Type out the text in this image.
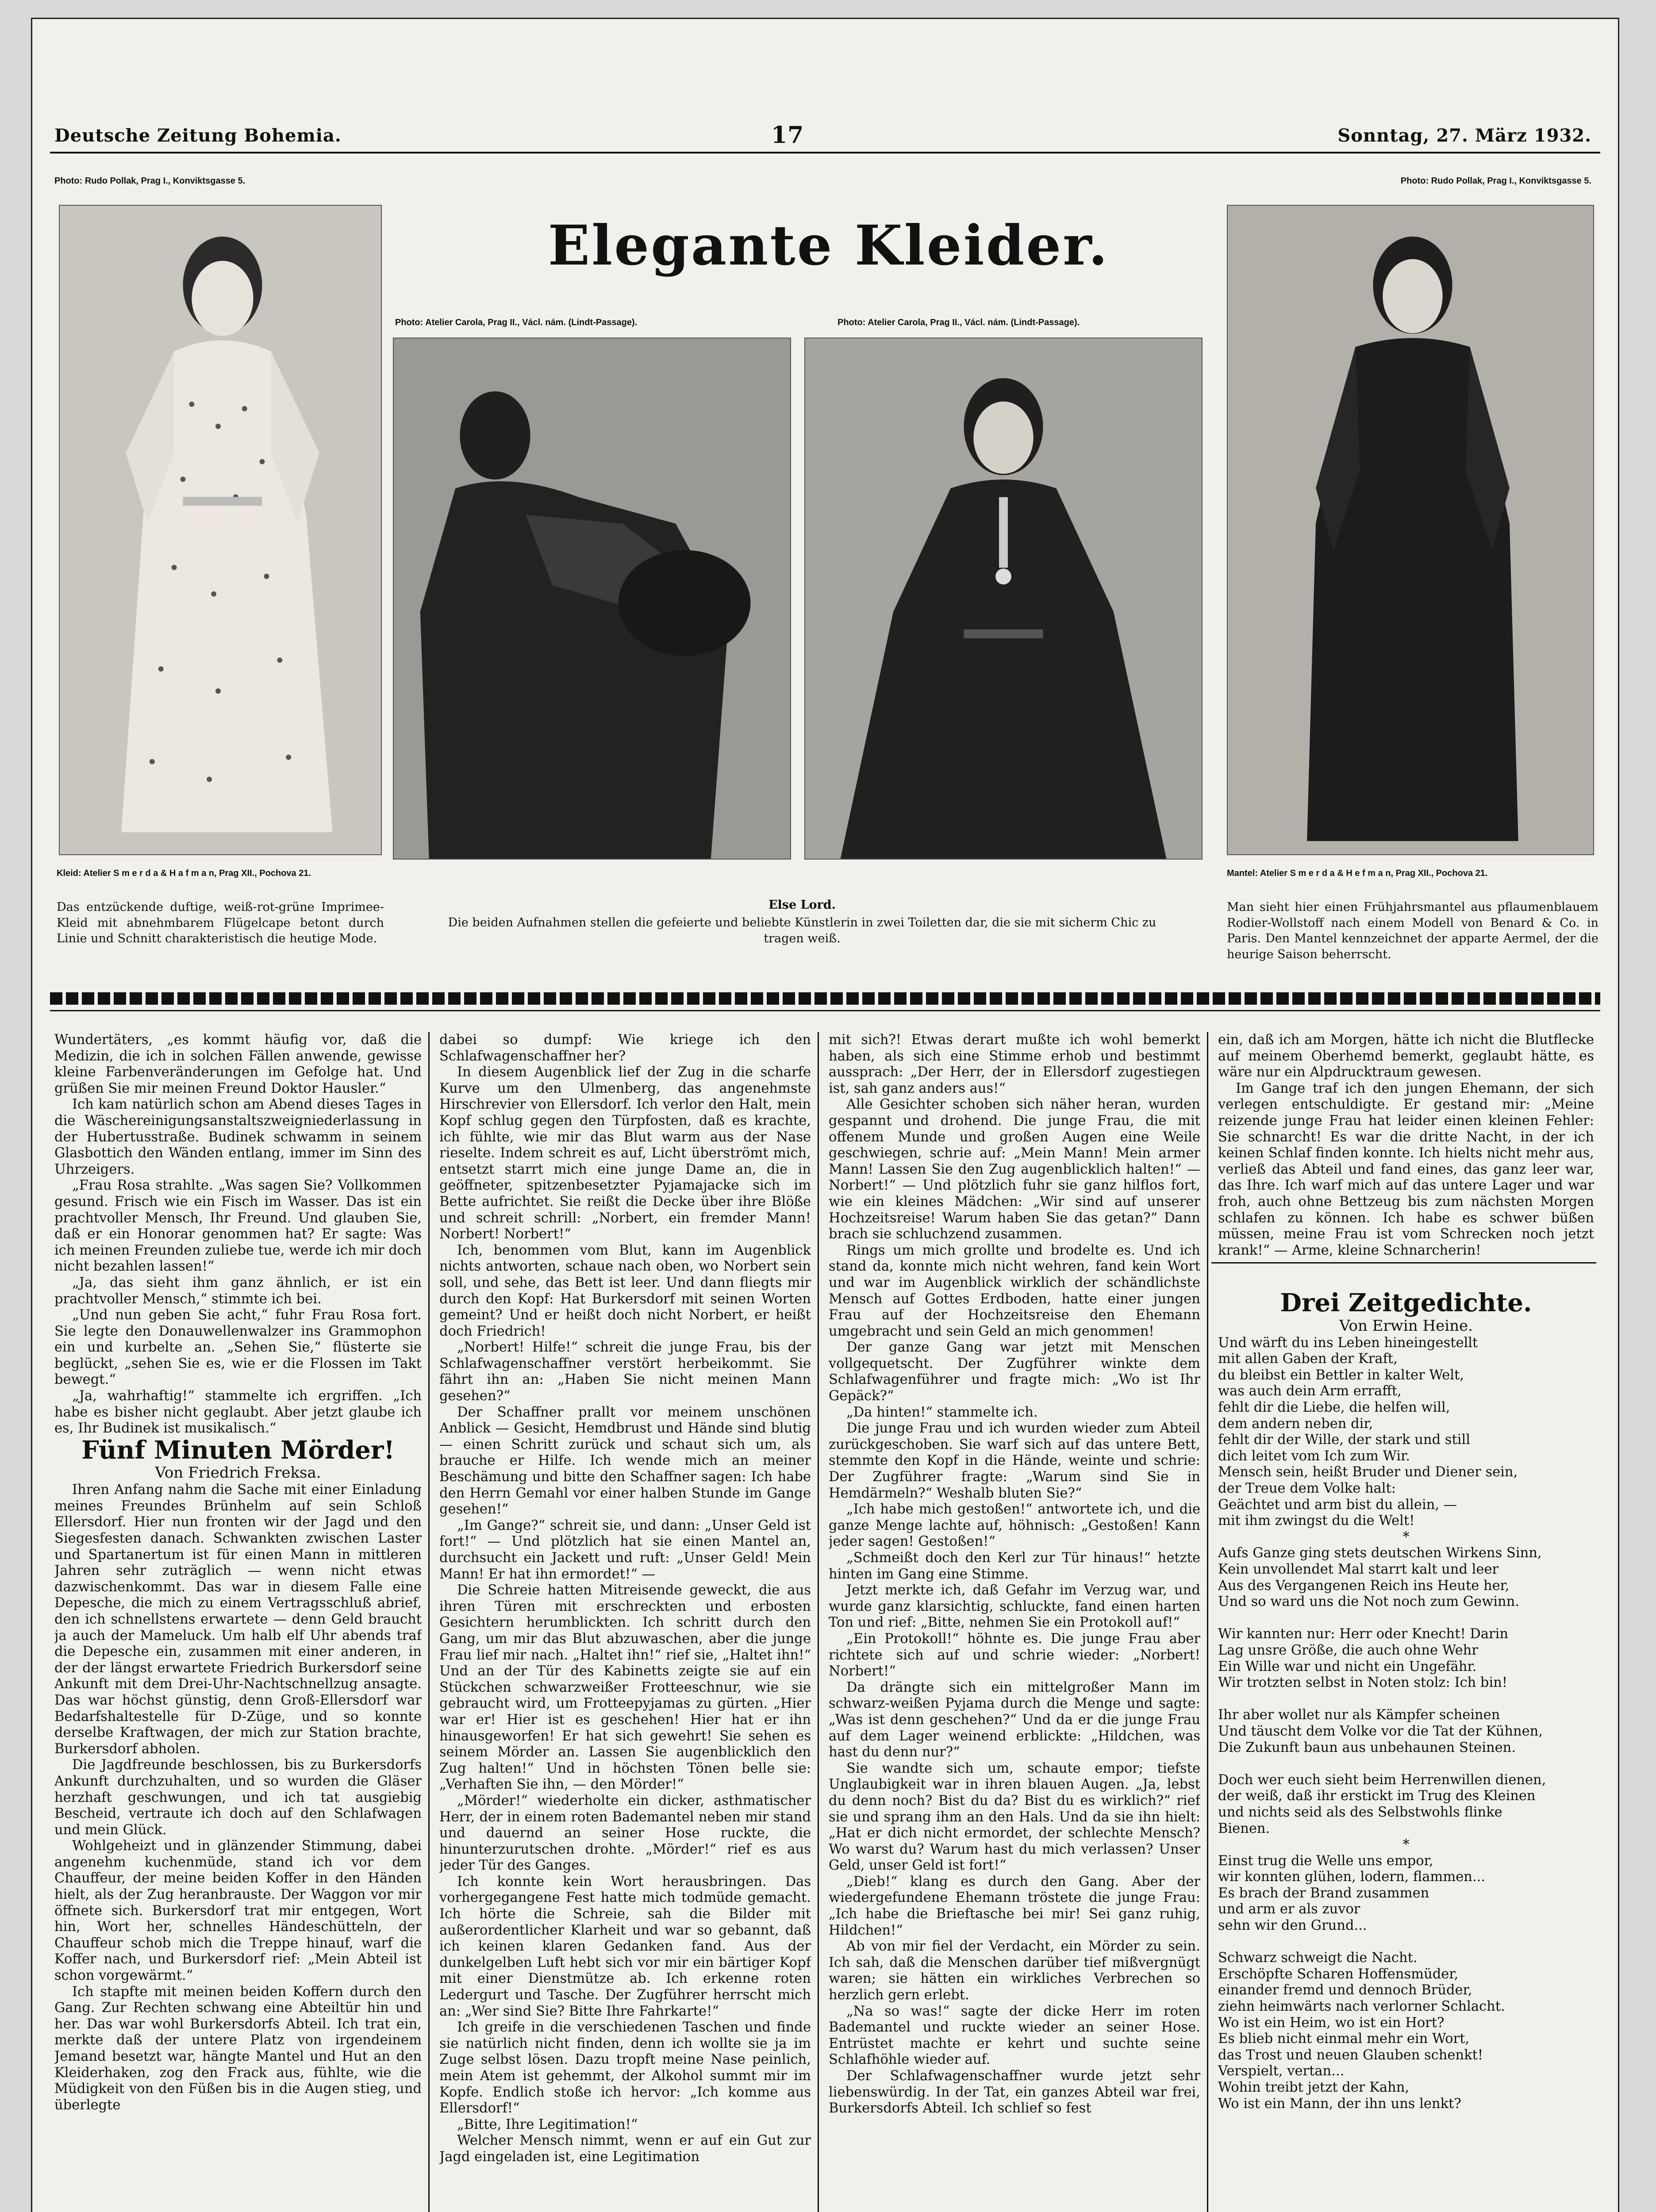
Deutsche Zeitung Bohemia.	17	Sonntag, 27. März 1932.
Photo: Rudo Pollak, Prag I., Konviktsgasse 5.	Photo: Rudo Pollak, Prag I., Konviktsgasse 5.
Elegante Kleider.
Photo: Atelier Carola, Prag II., Václ. nám. (Lindt-Passage).	Photo: Atelier Carola, Prag II., Václ. nám. (Lindt-Passage).
Kleid: Atelier S m e r d a & H a f m a n, Prag XII., Pochova 21.
Das entzückende duftige, weiß-rot-grüne Imprimee-Kleid mit abnehmbarem Flügelcape betont durch Linie und Schnitt charakteristisch die heutige Mode.
Else Lord.
Die beiden Aufnahmen stellen die gefeierte und beliebte Künstlerin in zwei Toiletten dar, die sie mit sicherm Chic zu tragen weiß.
Mantel: Atelier S m e r d a & H e f m a n, Prag XII., Pochova 21.
Man sieht hier einen Frühjahrsmantel aus pflaumenblauem Rodier-Wollstoff nach einem Modell von Benard & Co. in Paris. Den Mantel kennzeichnet der apparte Aermel, der die heurige Saison beherrscht.

Wundertäters, „es kommt häufig vor, daß die Medizin, die ich in solchen Fällen anwende, gewisse kleine Farbenveränderungen im Gefolge hat. Und grüßen Sie mir meinen Freund Doktor Hausler.“

Ich kam natürlich schon am Abend dieses Tages in die Wäschereinigungsanstaltszweigniederlassung in der Hubertusstraße. Budinek schwamm in seinem Glasbottich den Wänden entlang, immer im Sinn des Uhrzeigers.

„Frau Rosa strahlte. „Was sagen Sie? Vollkommen gesund. Frisch wie ein Fisch im Wasser. Das ist ein prachtvoller Mensch, Ihr Freund. Und glauben Sie, daß er ein Honorar genommen hat? Er sagte: Was ich meinen Freunden zuliebe tue, werde ich mir doch nicht bezahlen lassen!“

„Ja, das sieht ihm ganz ähnlich, er ist ein prachtvoller Mensch,“ stimmte ich bei.

„Und nun geben Sie acht,“ fuhr Frau Rosa fort. Sie legte den Donauwellenwalzer ins Grammophon ein und kurbelte an. „Sehen Sie,“ flüsterte sie beglückt, „sehen Sie es, wie er die Flossen im Takt bewegt.“

„Ja, wahrhaftig!“ stammelte ich ergriffen. „Ich habe es bisher nicht geglaubt. Aber jetzt glaube ich es, Ihr Budinek ist musikalisch.“

Fünf Minuten Mörder!

Von Friedrich Freksa.

Ihren Anfang nahm die Sache mit einer Einladung meines Freundes Brünhelm auf sein Schloß Ellersdorf. Hier nun fronten wir der Jagd und den Siegesfesten danach. Schwankten zwischen Laster und Spartanertum ist für einen Mann in mittleren Jahren sehr zuträglich — wenn nicht etwas dazwischenkommt. Das war in diesem Falle eine Depesche, die mich zu einem Vertragsschluß abrief, den ich schnellstens erwartete — denn Geld braucht ja auch der Mameluck. Um halb elf Uhr abends traf die Depesche ein, zusammen mit einer anderen, in der der längst erwartete Friedrich Burkersdorf seine Ankunft mit dem Drei-Uhr-Nachtschnellzug ansagte. Das war höchst günstig, denn Groß-Ellersdorf war Bedarfshaltestelle für D-Züge, und so konnte derselbe Kraftwagen, der mich zur Station brachte, Burkersdorf abholen.

Die Jagdfreunde beschlossen, bis zu Burkersdorfs Ankunft durchzuhalten, und so wurden die Gläser herzhaft geschwungen, und ich tat ausgiebig Bescheid, vertraute ich doch auf den Schlafwagen und mein Glück.

Wohlgeheizt und in glänzender Stimmung, dabei angenehm kuchenmüde, stand ich vor dem Chauffeur, der meine beiden Koffer in den Händen hielt, als der Zug heranbrauste. Der Waggon vor mir öffnete sich. Burkersdorf trat mir entgegen, Wort hin, Wort her, schnelles Händeschütteln, der Chauffeur schob mich die Treppe hinauf, warf die Koffer nach, und Burkersdorf rief: „Mein Abteil ist schon vorgewärmt.“

Ich stapfte mit meinen beiden Koffern durch den Gang. Zur Rechten schwang eine Abteiltür hin und her. Das war wohl Burkersdorfs Abteil. Ich trat ein, merkte daß der untere Platz von irgendeinem Jemand besetzt war, hängte Mantel und Hut an den Kleiderhaken, zog den Frack aus, fühlte, wie die Müdigkeit von den Füßen bis in die Augen stieg, und überlegte

dabei so dumpf: Wie kriege ich den Schlafwagenschaffner her?

In diesem Augenblick lief der Zug in die scharfe Kurve um den Ulmenberg, das angenehmste Hirschrevier von Ellersdorf. Ich verlor den Halt, mein Kopf schlug gegen den Türpfosten, daß es krachte, ich fühlte, wie mir das Blut warm aus der Nase rieselte. Indem schreit es auf, Licht überströmt mich, entsetzt starrt mich eine junge Dame an, die in geöffneter, spitzenbesetzter Pyjamajacke sich im Bette aufrichtet. Sie reißt die Decke über ihre Blöße und schreit schrill: „Norbert, ein fremder Mann! Norbert! Norbert!“

Ich, benommen vom Blut, kann im Augenblick nichts antworten, schaue nach oben, wo Norbert sein soll, und sehe, das Bett ist leer. Und dann fliegts mir durch den Kopf: Hat Burkersdorf mit seinen Worten gemeint? Und er heißt doch nicht Norbert, er heißt doch Friedrich!

„Norbert! Hilfe!“ schreit die junge Frau, bis der Schlafwagenschaffner verstört herbeikommt. Sie fährt ihn an: „Haben Sie nicht meinen Mann gesehen?“

Der Schaffner prallt vor meinem unschönen Anblick — Gesicht, Hemdbrust und Hände sind blutig — einen Schritt zurück und schaut sich um, als brauche er Hilfe. Ich wende mich an meiner Beschämung und bitte den Schaffner sagen: Ich habe den Herrn Gemahl vor einer halben Stunde im Gange gesehen!“

„Im Gange?“ schreit sie, und dann: „Unser Geld ist fort!“ — Und plötzlich hat sie einen Mantel an, durchsucht ein Jackett und ruft: „Unser Geld! Mein Mann! Er hat ihn ermordet!“ —

Die Schreie hatten Mitreisende geweckt, die aus ihren Türen mit erschreckten und erbosten Gesichtern herumblickten. Ich schritt durch den Gang, um mir das Blut abzuwaschen, aber die junge Frau lief mir nach. „Haltet ihn!“ rief sie, „Haltet ihn!“ Und an der Tür des Kabinetts zeigte sie auf ein Stückchen schwarzweißer Frotteeschnur, wie sie gebraucht wird, um Frotteepyjamas zu gürten. „Hier war er! Hier ist es geschehen! Hier hat er ihn hinausgeworfen! Er hat sich gewehrt! Sie sehen es seinem Mörder an. Lassen Sie augenblicklich den Zug halten!“ Und in höchsten Tönen belle sie: „Verhaften Sie ihn, — den Mörder!“

„Mörder!“ wiederholte ein dicker, asthmatischer Herr, der in einem roten Bademantel neben mir stand und dauernd an seiner Hose ruckte, die hinunterzurutschen drohte. „Mörder!“ rief es aus jeder Tür des Ganges.

Ich konnte kein Wort herausbringen. Das vorhergegangene Fest hatte mich todmüde gemacht. Ich hörte die Schreie, sah die Bilder mit außerordentlicher Klarheit und war so gebannt, daß ich keinen klaren Gedanken fand. Aus der dunkelgelben Luft hebt sich vor mir ein bärtiger Kopf mit einer Dienstmütze ab. Ich erkenne roten Ledergurt und Tasche. Der Zugführer herrscht mich an: „Wer sind Sie? Bitte Ihre Fahrkarte!“

Ich greife in die verschiedenen Taschen und finde sie natürlich nicht finden, denn ich wollte sie ja im Zuge selbst lösen. Dazu tropft meine Nase peinlich, mein Atem ist gehemmt, der Alkohol summt mir im Kopfe. Endlich stoße ich hervor: „Ich komme aus Ellersdorf!“

„Bitte, Ihre Legitimation!“

Welcher Mensch nimmt, wenn er auf ein Gut zur Jagd eingeladen ist, eine Legitimation

mit sich?! Etwas derart mußte ich wohl bemerkt haben, als sich eine Stimme erhob und bestimmt aussprach: „Der Herr, der in Ellersdorf zugestiegen ist, sah ganz anders aus!“

Alle Gesichter schoben sich näher heran, wurden gespannt und drohend. Die junge Frau, die mit offenem Munde und großen Augen eine Weile geschwiegen, schrie auf: „Mein Mann! Mein armer Mann! Lassen Sie den Zug augenblicklich halten!“ — Norbert!“ — Und plötzlich fuhr sie ganz hilflos fort, wie ein kleines Mädchen: „Wir sind auf unserer Hochzeitsreise! Warum haben Sie das getan?“ Dann brach sie schluchzend zusammen.

Rings um mich grollte und brodelte es. Und ich stand da, konnte mich nicht wehren, fand kein Wort und war im Augenblick wirklich der schändlichste Mensch auf Gottes Erdboden, hatte einer jungen Frau auf der Hochzeitsreise den Ehemann umgebracht und sein Geld an mich genommen!

Der ganze Gang war jetzt mit Menschen vollgequetscht. Der Zugführer winkte dem Schlafwagenführer und fragte mich: „Wo ist Ihr Gepäck?“

„Da hinten!“ stammelte ich.

Die junge Frau und ich wurden wieder zum Abteil zurückgeschoben. Sie warf sich auf das untere Bett, stemmte den Kopf in die Hände, weinte und schrie: Der Zugführer fragte: „Warum sind Sie in Hemdärmeln?“ Weshalb bluten Sie?“

„Ich habe mich gestoßen!“ antwortete ich, und die ganze Menge lachte auf, höhnisch: „Gestoßen! Kann jeder sagen! Gestoßen!“

„Schmeißt doch den Kerl zur Tür hinaus!“ hetzte hinten im Gang eine Stimme.

Jetzt merkte ich, daß Gefahr im Verzug war, und wurde ganz klarsichtig, schluckte, fand einen harten Ton und rief: „Bitte, nehmen Sie ein Protokoll auf!“

„Ein Protokoll!“ höhnte es. Die junge Frau aber richtete sich auf und schrie wieder: „Norbert! Norbert!“

Da drängte sich ein mittelgroßer Mann im schwarz-weißen Pyjama durch die Menge und sagte: „Was ist denn geschehen?“ Und da er die junge Frau auf dem Lager weinend erblickte: „Hildchen, was hast du denn nur?“

Sie wandte sich um, schaute empor; tiefste Unglaubigkeit war in ihren blauen Augen. „Ja, lebst du denn noch? Bist du da? Bist du es wirklich?“ rief sie und sprang ihm an den Hals. Und da sie ihn hielt: „Hat er dich nicht ermordet, der schlechte Mensch? Wo warst du? Warum hast du mich verlassen? Unser Geld, unser Geld ist fort!“

„Dieb!“ klang es durch den Gang. Aber der wiedergefundene Ehemann tröstete die junge Frau: „Ich habe die Brieftasche bei mir! Sei ganz ruhig, Hildchen!“

Ab von mir fiel der Verdacht, ein Mörder zu sein. Ich sah, daß die Menschen darüber tief mißvergnügt waren; sie hätten ein wirkliches Verbrechen so herzlich gern erlebt.

„Na so was!“ sagte der dicke Herr im roten Bademantel und ruckte wieder an seiner Hose. Entrüstet machte er kehrt und suchte seine Schlafhöhle wieder auf.

Der Schlafwagenschaffner wurde jetzt sehr liebenswürdig. In der Tat, ein ganzes Abteil war frei, Burkersdorfs Abteil. Ich schlief so fest

ein, daß ich am Morgen, hätte ich nicht die Blutflecke auf meinem Oberhemd bemerkt, geglaubt hätte, es wäre nur ein Alpdrucktraum gewesen.

Im Gange traf ich den jungen Ehemann, der sich verlegen entschuldigte. Er gestand mir: „Meine reizende junge Frau hat leider einen kleinen Fehler: Sie schnarcht! Es war die dritte Nacht, in der ich keinen Schlaf finden konnte. Ich hielts nicht mehr aus, verließ das Abteil und fand eines, das ganz leer war, das Ihre. Ich warf mich auf das untere Lager und war froh, auch ohne Bettzeug bis zum nächsten Morgen schlafen zu können. Ich habe es schwer büßen müssen, meine Frau ist vom Schrecken noch jetzt krank!“ — Arme, kleine Schnarcherin!

Drei Zeitgedichte.

Von Erwin Heine.

Und wärft du ins Leben hineingestellt

mit allen Gaben der Kraft,

du bleibst ein Bettler in kalter Welt,

was auch dein Arm errafft,

fehlt dir die Liebe, die helfen will,

dem andern neben dir,

fehlt dir der Wille, der stark und still

dich leitet vom Ich zum Wir.

Mensch sein, heißt Bruder und Diener sein,

der Treue dem Volke halt:

Geächtet und arm bist du allein, —

mit ihm zwingst du die Welt!

*

Aufs Ganze ging stets deutschen Wirkens Sinn,

Kein unvollendet Mal starrt kalt und leer

Aus des Vergangenen Reich ins Heute her,

Und so ward uns die Not noch zum Gewinn.

Wir kannten nur: Herr oder Knecht! Darin

Lag unsre Größe, die auch ohne Wehr

Ein Wille war und nicht ein Ungefähr.

Wir trotzten selbst in Noten stolz: Ich bin!

Ihr aber wollet nur als Kämpfer scheinen

Und täuscht dem Volke vor die Tat der Kühnen,

Die Zukunft baun aus unbehaunen Steinen.

Doch wer euch sieht beim Herrenwillen dienen,

der weiß, daß ihr erstickt im Trug des Kleinen

und nichts seid als des Selbstwohls flinke

Bienen.

*

Einst trug die Welle uns empor,

wir konnten glühen, lodern, flammen...

Es brach der Brand zusammen

und arm er als zuvor

sehn wir den Grund...

Schwarz schweigt die Nacht.

Erschöpfte Scharen Hoffensmüder,

einander fremd und dennoch Brüder,

ziehn heimwärts nach verlorner Schlacht.

Wo ist ein Heim, wo ist ein Hort?

Es blieb nicht einmal mehr ein Wort,

das Trost und neuen Glauben schenkt!

Verspielt, vertan...

Wohin treibt jetzt der Kahn,

Wo ist ein Mann, der ihn uns lenkt?
